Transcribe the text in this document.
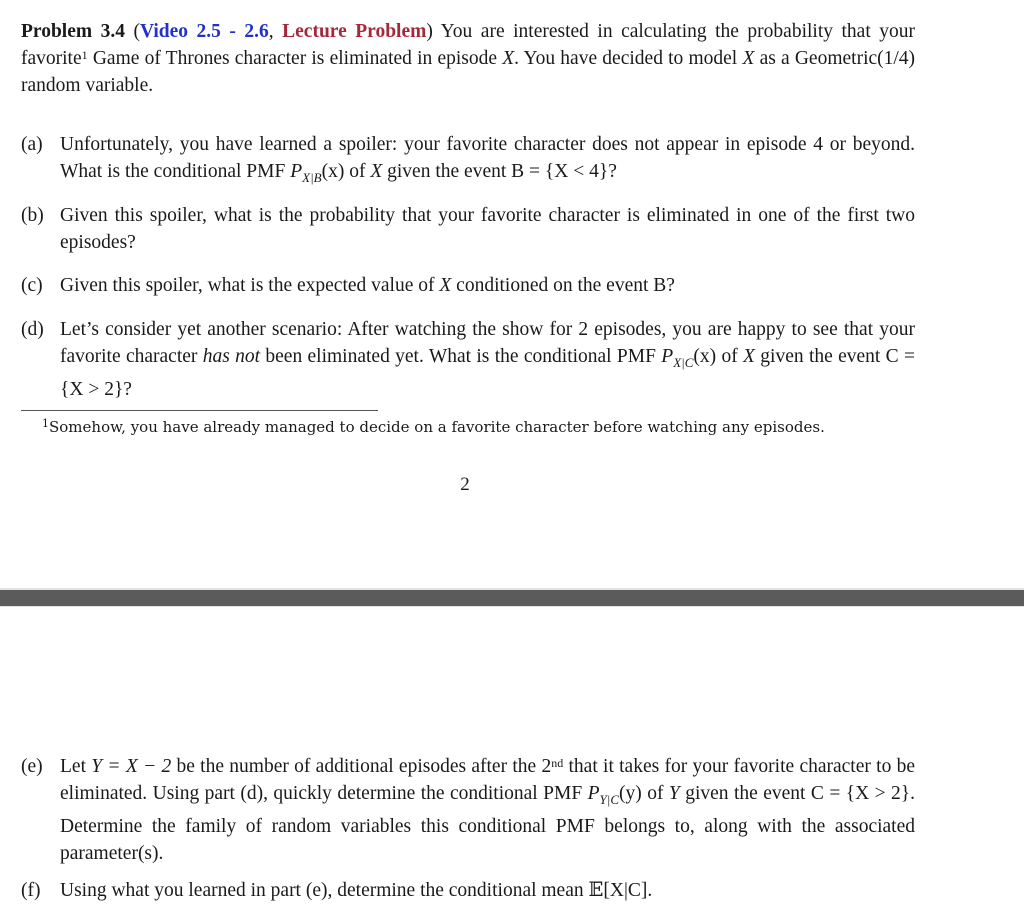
Problem 3.4 (Video 2.5 - 2.6, Lecture Problem) You are interested in calculating the probability that your favorite$^1$ Game of Thrones character is eliminated in episode X. You have decided to model X as a Geometric(1/4) random variable.
(a) Unfortunately, you have learned a spoiler: your favorite character does not appear in episode 4 or beyond. What is the conditional PMF $P_{X|B}(x)$ of X given the event B = {X < 4}?
(b) Given this spoiler, what is the probability that your favorite character is eliminated in one of the first two episodes?
(c) Given this spoiler, what is the expected value of X conditioned on the event B?
(d) Let’s consider yet another scenario: After watching the show for 2 episodes, you are happy to see that your favorite character has not been eliminated yet. What is the conditional PMF $P_{X|C}(x)$ of X given the event C = {X > 2}?
$^1$Somehow, you have already managed to decide on a favorite character before watching any episodes.
2
(e) Let Y = X − 2 be the number of additional episodes after the 2nd that it takes for your favorite character to be eliminated. Using part (d), quickly determine the conditional PMF $P_{Y|C}(y)$ of Y given the event C = {X > 2}. Determine the family of random variables this conditional PMF belongs to, along with the associated parameter(s).
(f)	Using what you learned in part (e), determine the conditional mean 𝔼[X|C].
